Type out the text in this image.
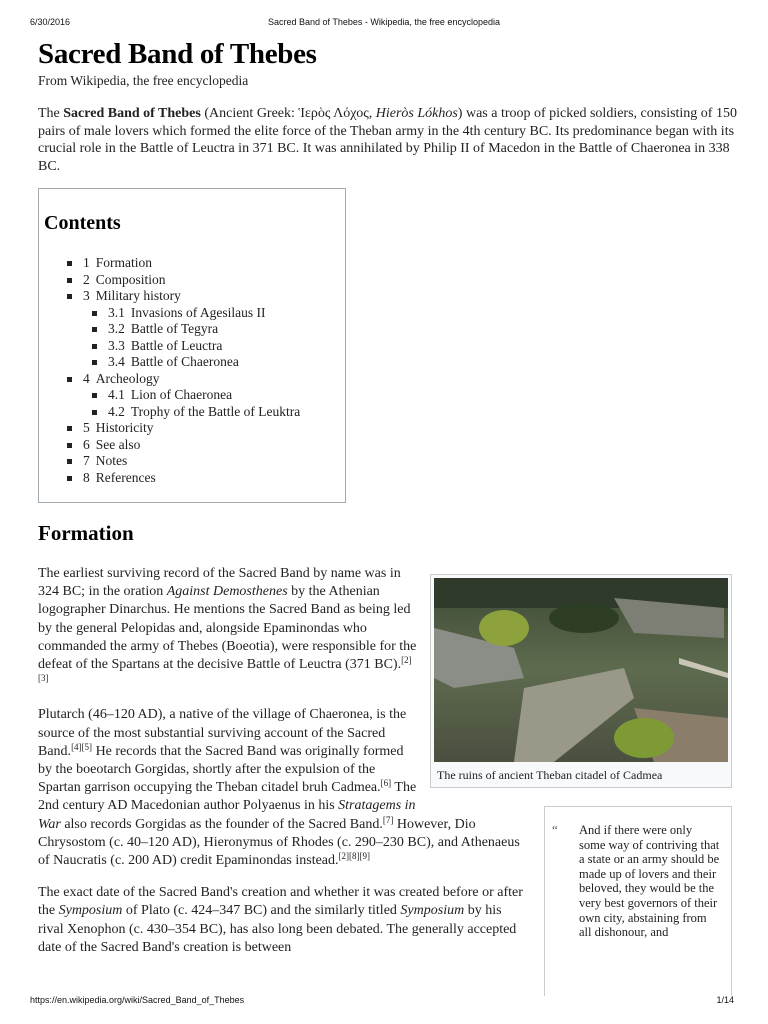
6/30/2016	Sacred Band of Thebes - Wikipedia, the free encyclopedia
Sacred Band of Thebes
From Wikipedia, the free encyclopedia
The Sacred Band of Thebes (Ancient Greek: Ἱερὸς Λόχος, Hieròs Lókhos) was a troop of picked soldiers, consisting of 150 pairs of male lovers which formed the elite force of the Theban army in the 4th century BC. Its predominance began with its crucial role in the Battle of Leuctra in 371 BC. It was annihilated by Philip II of Macedon in the Battle of Chaeronea in 338 BC.
Contents
1 Formation
2 Composition
3 Military history
3.1 Invasions of Agesilaus II
3.2 Battle of Tegyra
3.3 Battle of Leuctra
3.4 Battle of Chaeronea
4 Archeology
4.1 Lion of Chaeronea
4.2 Trophy of the Battle of Leuktra
5 Historicity
6 See also
7 Notes
8 References
Formation
The ruins of ancient Theban citadel of Cadmea
“ And if there were only some way of contriving that a state or an army should be made up of lovers and their beloved, they would be the very best governors of their own city, abstaining from all dishonour, and

The earliest surviving record of the Sacred Band by name was in 324 BC; in the oration Against Demosthenes by the Athenian logographer Dinarchus. He mentions the Sacred Band as being led by the general Pelopidas and, alongside Epaminondas who commanded the army of Thebes (Boeotia), were responsible for the defeat of the Spartans at the decisive Battle of Leuctra (371 BC).[2][3]

Plutarch (46–120 AD), a native of the village of Chaeronea, is the source of the most substantial surviving account of the Sacred Band.[4][5] He records that the Sacred Band was originally formed by the boeotarch Gorgidas, shortly after the expulsion of the Spartan garrison occupying the Theban citadel bruh Cadmea.[6] The 2nd century AD Macedonian author Polyaenus in his Stratagems in War also records Gorgidas as the founder of the Sacred Band.[7] However, Dio Chrysostom (c. 40–120 AD), Hieronymus of Rhodes (c. 290–230 BC), and Athenaeus of Naucratis (c. 200 AD) credit Epaminondas instead.[2][8][9]

The exact date of the Sacred Band's creation and whether it was created before or after the Symposium of Plato (c. 424–347 BC) and the similarly titled Symposium by his rival Xenophon (c. 430–354 BC), has also long been debated. The generally accepted date of the Sacred Band's creation is between

https://en.wikipedia.org/wiki/Sacred_Band_of_Thebes	1/14
